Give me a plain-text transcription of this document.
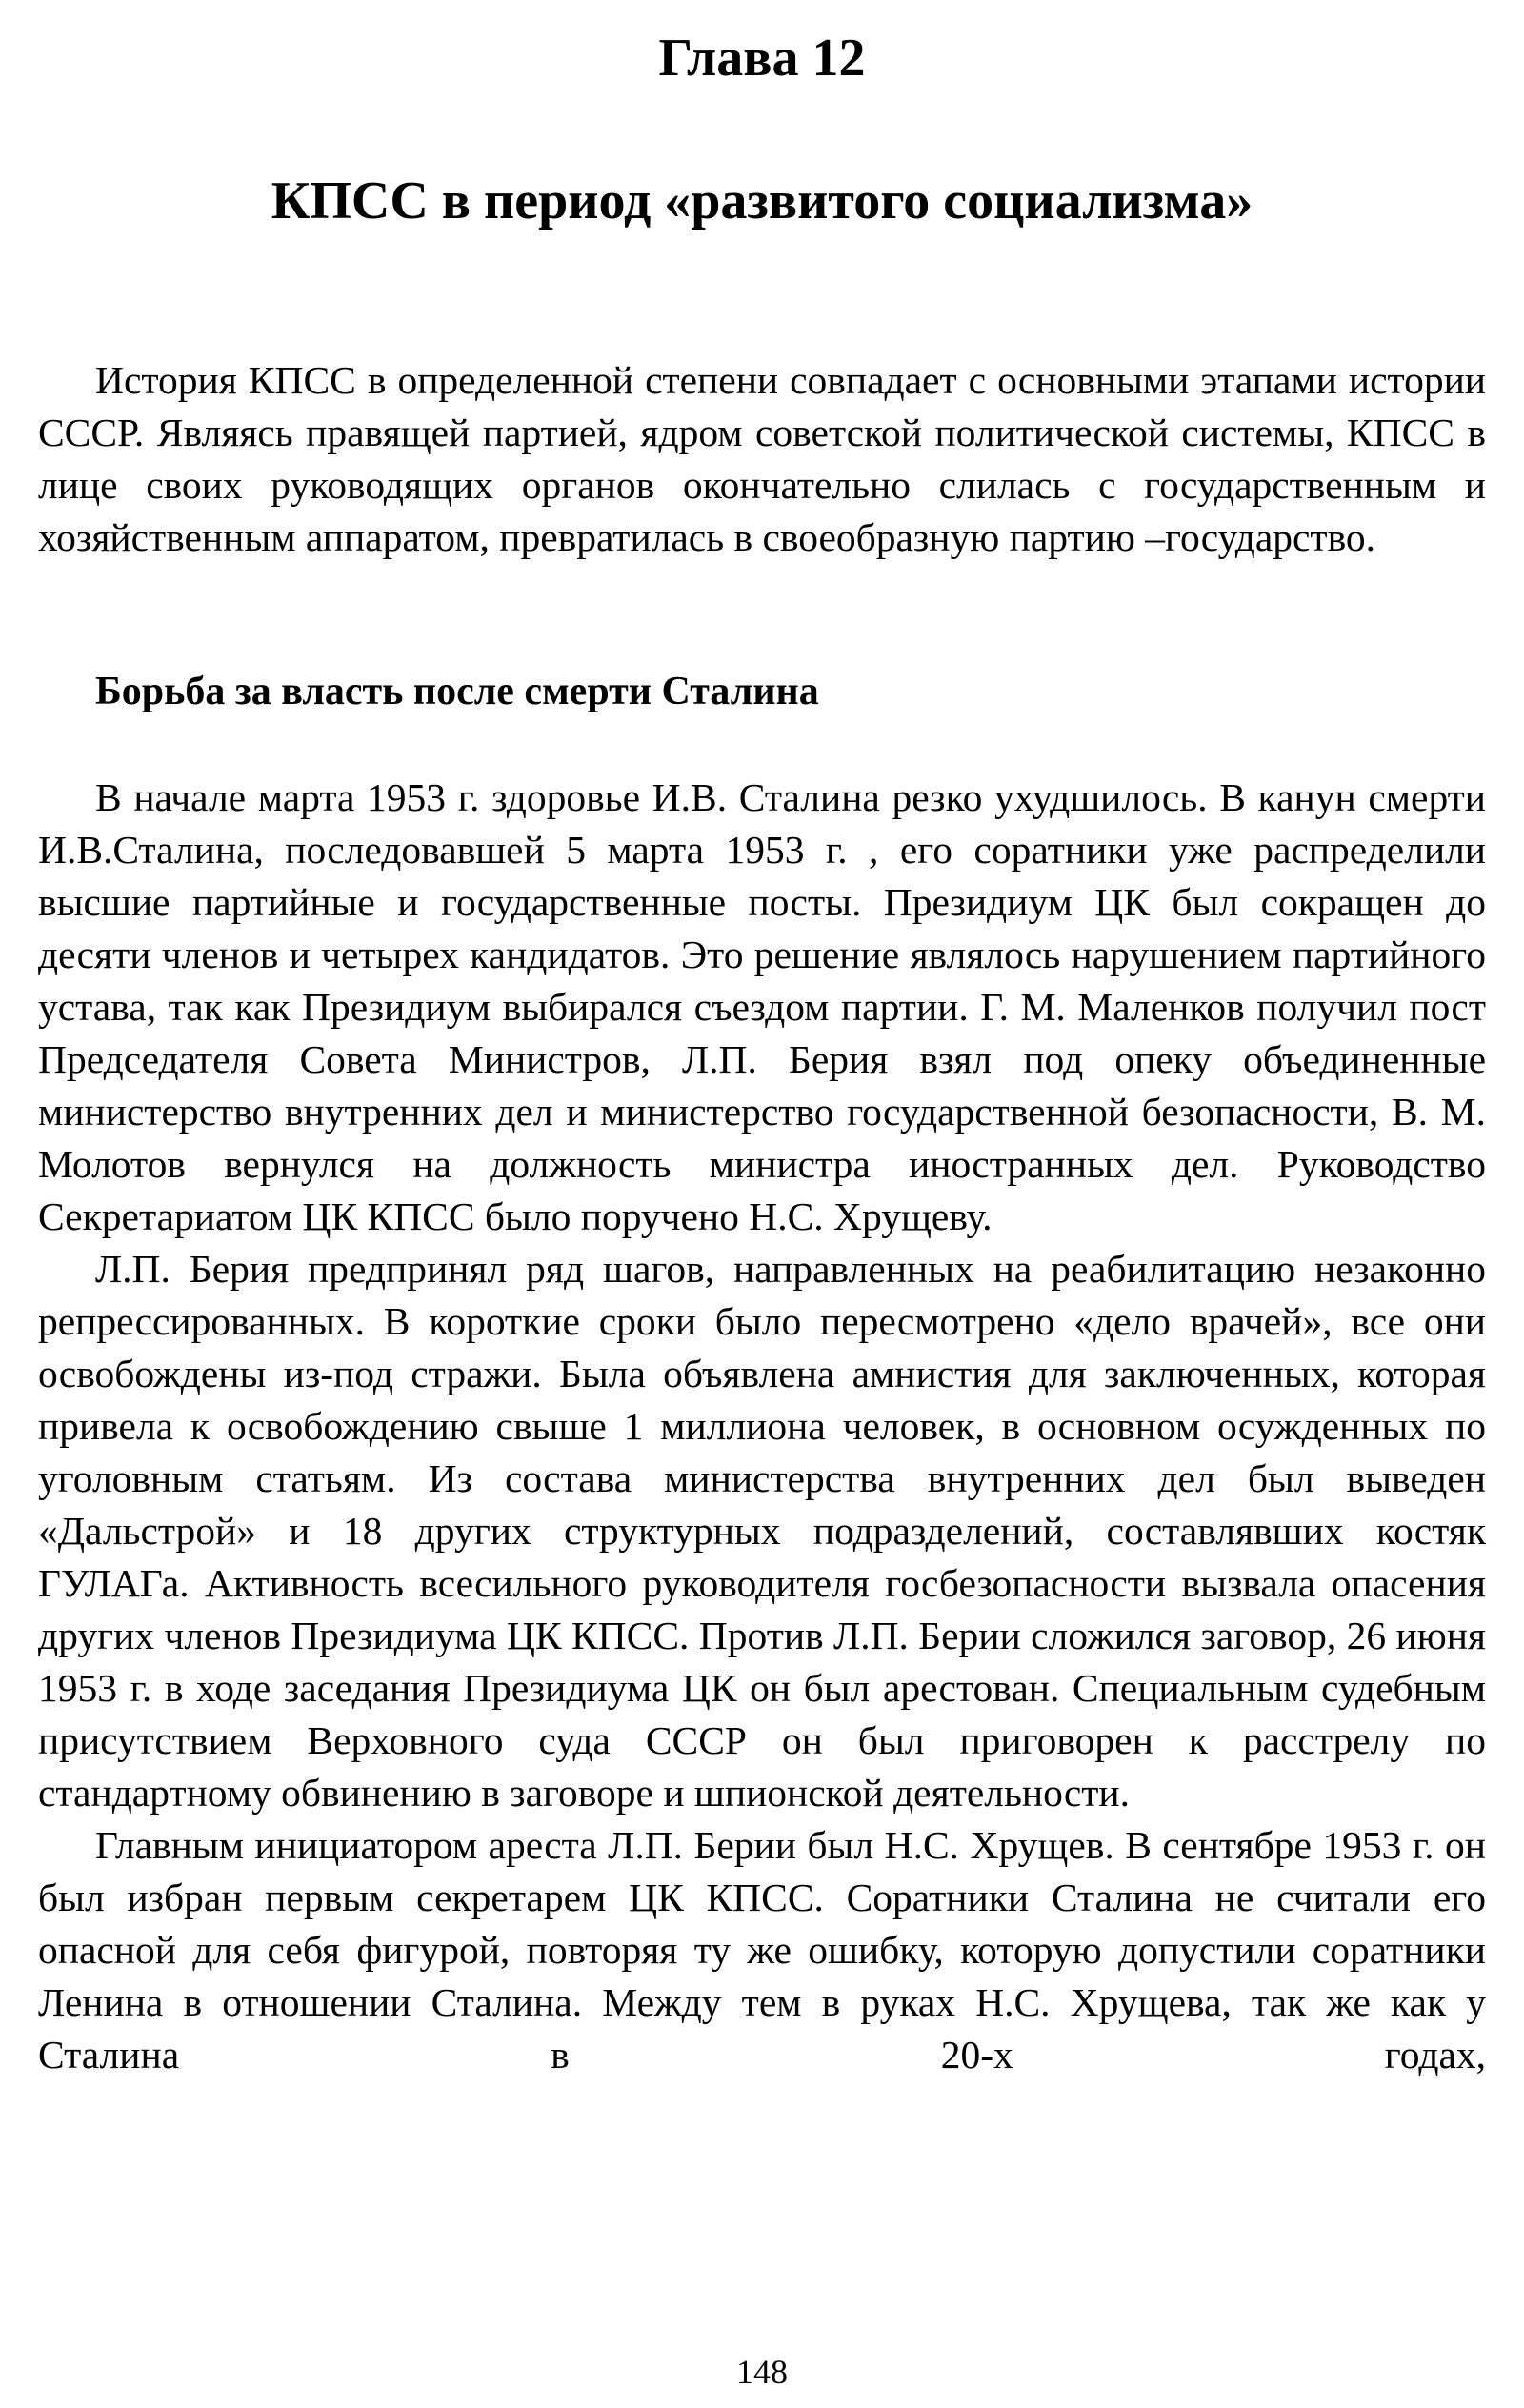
Глава 12
КПСС в период «развитого социализма»

История КПСС в определенной степени совпадает с основными этапами истории СССР. Являясь правящей партией, ядром советской политической системы, КПСС в лице своих руководящих органов окончательно слилась с государственным и хозяйственным аппаратом, превратилась в своеобразную партию –государство.

Борьба за власть после смерти Сталина

В начале марта 1953 г. здоровье И.В. Сталина резко ухудшилось. В канун смерти И.В.Сталина, последовавшей 5 марта 1953 г. , его соратники уже распределили высшие партийные и государственные посты. Президиум ЦК был сокращен до десяти членов и четырех кандидатов. Это решение являлось нарушением партийного устава, так как Президиум выбирался съездом партии. Г. М. Маленков получил пост Председателя Совета Министров, Л.П. Берия взял под опеку объединенные министерство внутренних дел и министерство государственной безопасности, В. М. Молотов вернулся на должность министра иностранных дел. Руководство Секретариатом ЦК КПСС было поручено Н.С. Хрущеву.

Л.П. Берия предпринял ряд шагов, направленных на реабилитацию незаконно репрессированных. В короткие сроки было пересмотрено «дело врачей», все они освобождены из-под стражи. Была объявлена амнистия для заключенных, которая привела к освобождению свыше 1 миллиона человек, в основном осужденных по уголовным статьям. Из состава министерства внутренних дел был выведен «Дальстрой» и 18 других структурных подразделений, составлявших костяк ГУЛАГа. Активность всесильного руководителя госбезопасности вызвала опасения других членов Президиума ЦК КПСС. Против Л.П. Берии сложился заговор, 26 июня 1953 г. в ходе заседания Президиума ЦК он был арестован. Специальным судебным присутствием Верховного суда СССР он был приговорен к расстрелу по стандартному обвинению в заговоре и шпионской деятельности.

Главным инициатором ареста Л.П. Берии был Н.С. Хрущев. В сентябре 1953 г. он был избран первым секретарем ЦК КПСС. Соратники Сталина не считали его опасной для себя фигурой, повторяя ту же ошибку, которую допустили соратники Ленина в отношении Сталина. Между тем в руках Н.С. Хрущева, так же как у Сталина в 20-х годах,

148
